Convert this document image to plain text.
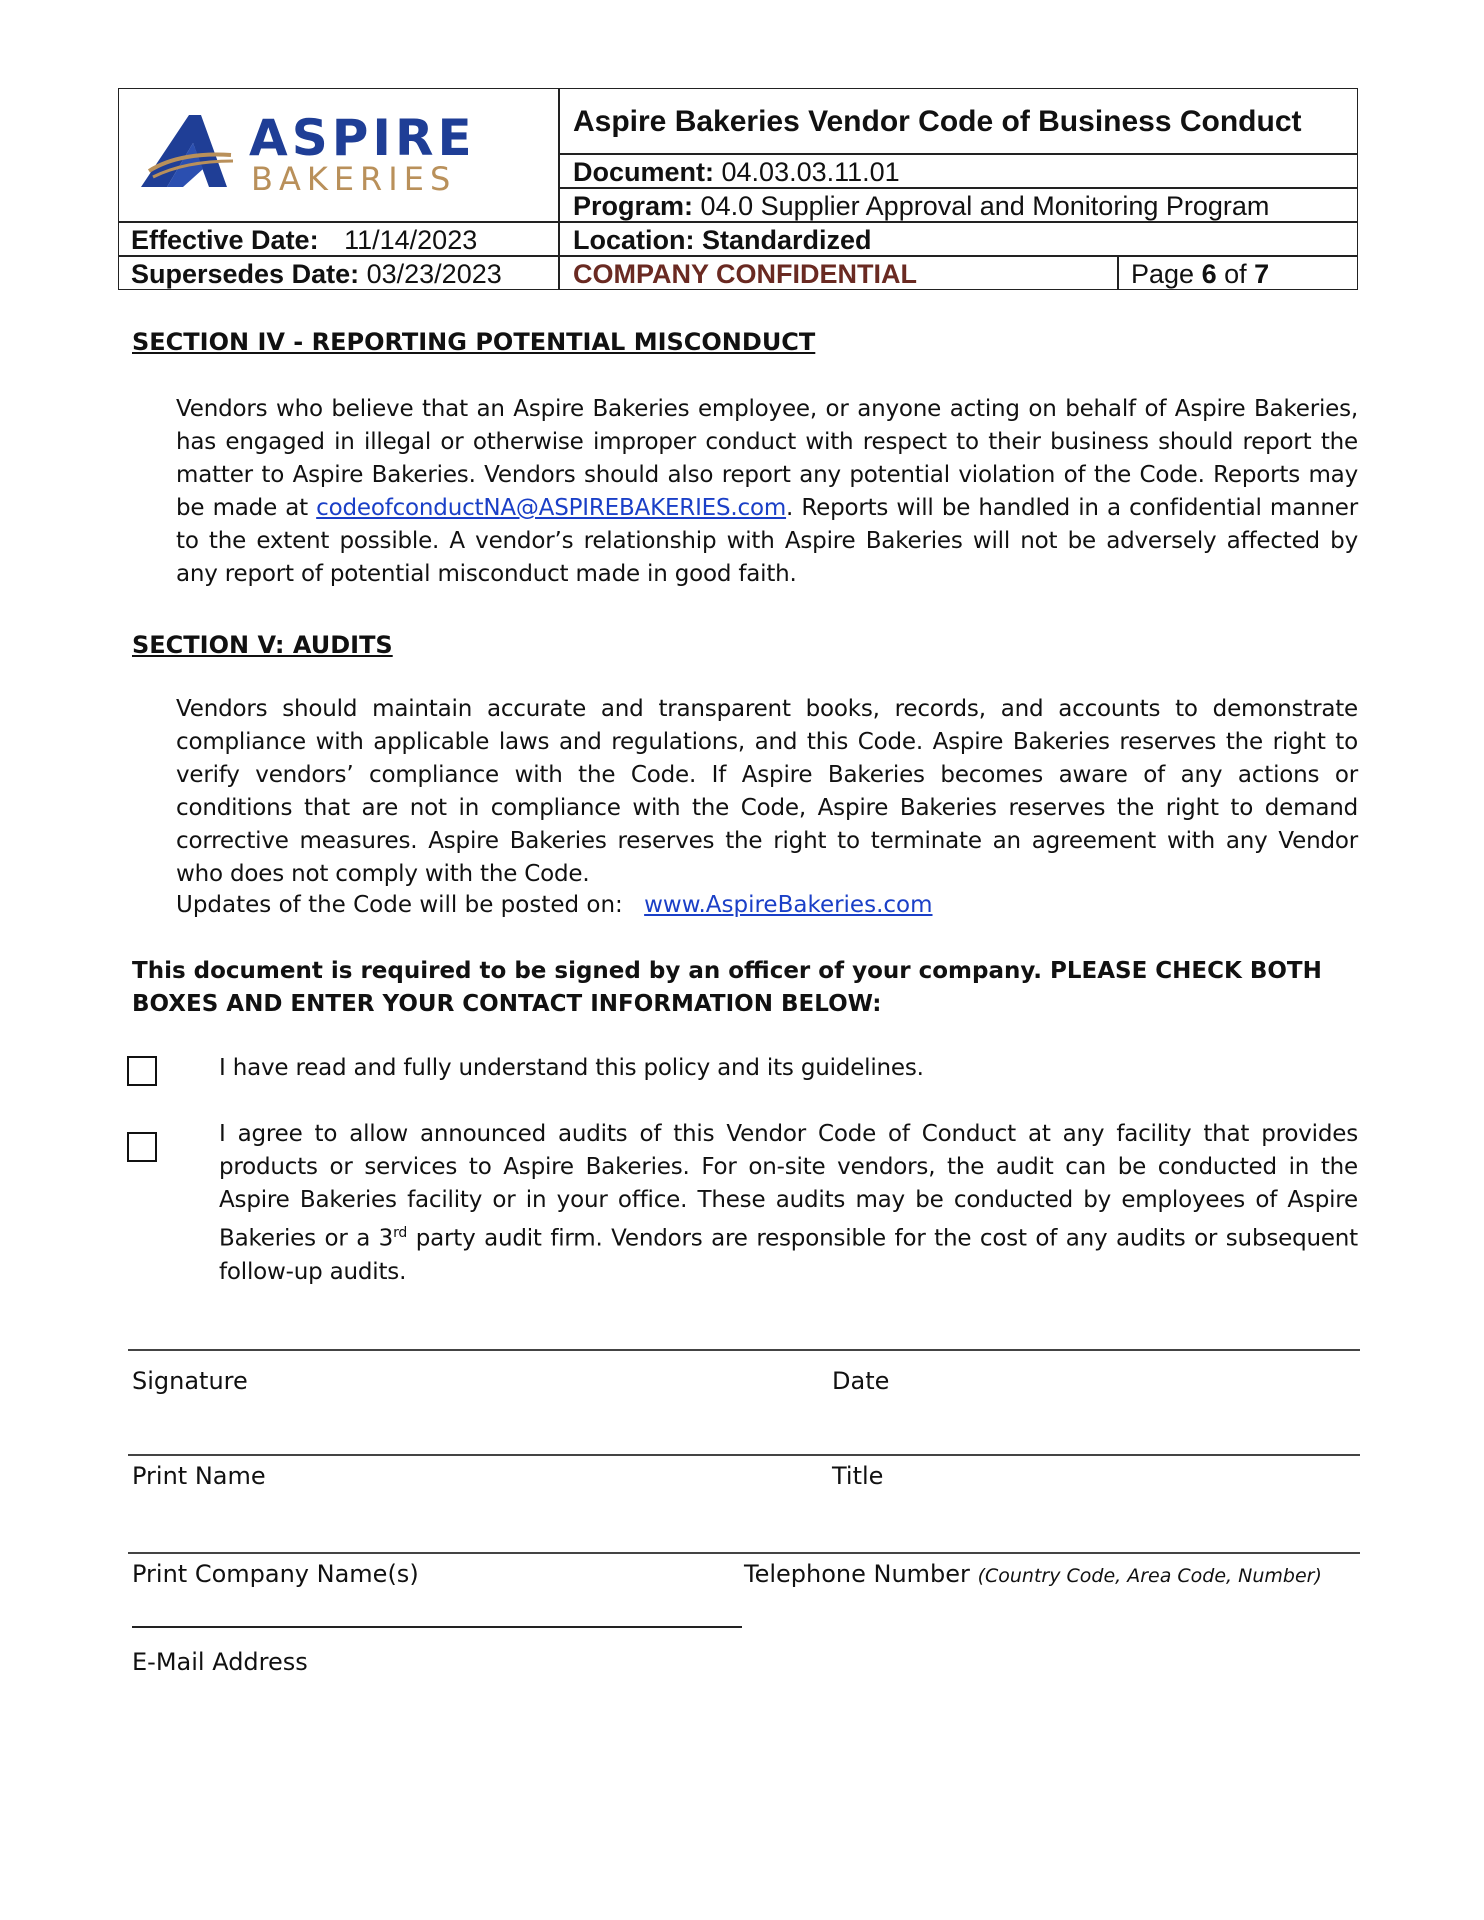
ASPIRE
BAKERIES
Aspire Bakeries Vendor Code of Business Conduct
Document: 04.03.03.11.01
Program: 04.0 Supplier Approval and Monitoring Program
Effective Date: 11/14/2023	Location: Standardized
Supersedes Date: 03/23/2023	COMPANY CONFIDENTIAL	Page 6 of 7
SECTION IV - REPORTING POTENTIAL MISCONDUCT
Vendors who believe that an Aspire Bakeries employee, or anyone acting on behalf of Aspire Bakeries, has engaged in illegal or otherwise improper conduct with respect to their business should report the matter to Aspire Bakeries. Vendors should also report any potential violation of the Code. Reports may be made at codeofconductNA@ASPIREBAKERIES.com. Reports will be handled in a confidential manner to the extent possible. A vendor’s relationship with Aspire Bakeries will not be adversely affected by any report of potential misconduct made in good faith.
SECTION V: AUDITS
Vendors should maintain accurate and transparent books, records, and accounts to demonstrate compliance with applicable laws and regulations, and this Code. Aspire Bakeries reserves the right to verify vendors’ compliance with the Code. If Aspire Bakeries becomes aware of any actions or conditions that are not in compliance with the Code, Aspire Bakeries reserves the right to demand corrective measures. Aspire Bakeries reserves the right to terminate an agreement with any Vendor who does not comply with the Code.
Updates of the Code will be posted on: www.AspireBakeries.com
This document is required to be signed by an officer of your company. PLEASE CHECK BOTH BOXES AND ENTER YOUR CONTACT INFORMATION BELOW:
I have read and fully understand this policy and its guidelines.
I agree to allow announced audits of this Vendor Code of Conduct at any facility that provides products or services to Aspire Bakeries. For on-site vendors, the audit can be conducted in the Aspire Bakeries facility or in your office. These audits may be conducted by employees of Aspire Bakeries or a 3rd party audit firm. Vendors are responsible for the cost of any audits or subsequent follow-up audits.
Signature	Date
Print Name	Title
Print Company Name(s)	Telephone Number (Country Code, Area Code, Number)
E-Mail Address
